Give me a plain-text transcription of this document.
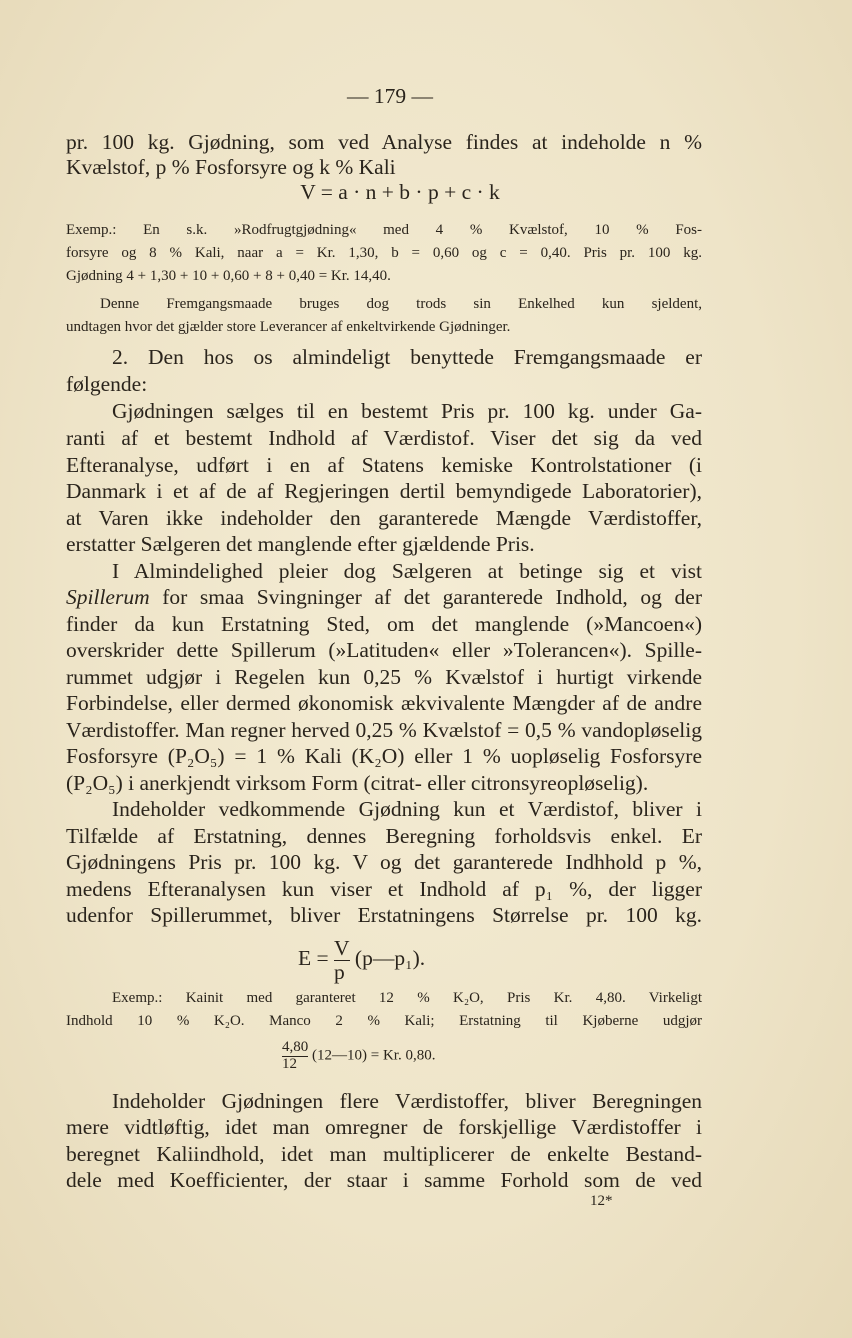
— 179 —
pr. 100 kg. Gjødning, som ved Analyse findes at indeholde n %
Kvælstof, p % Fosforsyre og k % Kali
V = a · n + b · p + c · k
Exemp.: En s.k. »Rodfrugtgjødning« med 4 % Kvælstof, 10 % Fos-
forsyre og 8 % Kali, naar a = Kr. 1,30, b = 0,60 og c = 0,40. Pris pr. 100 kg.
Gjødning 4 + 1,30 + 10 + 0,60 + 8 + 0,40 = Kr. 14,40.
Denne Fremgangsmaade bruges dog trods sin Enkelhed kun sjeldent,
undtagen hvor det gjælder store Leverancer af enkeltvirkende Gjødninger.
2. Den hos os almindeligt benyttede Fremgangsmaade er
følgende:
Gjødningen sælges til en bestemt Pris pr. 100 kg. under Ga-
ranti af et bestemt Indhold af Værdistof. Viser det sig da ved
Efteranalyse, udført i en af Statens kemiske Kontrolstationer (i
Danmark i et af de af Regjeringen dertil bemyndigede Laboratorier),
at Varen ikke indeholder den garanterede Mængde Værdistoffer,
erstatter Sælgeren det manglende efter gjældende Pris.
I Almindelighed pleier dog Sælgeren at betinge sig et vist
Spillerum for smaa Svingninger af det garanterede Indhold, og der
finder da kun Erstatning Sted, om det manglende (»Mancoen«)
overskrider dette Spillerum (»Latituden« eller »Tolerancen«). Spille-
rummet udgjør i Regelen kun 0,25 % Kvælstof i hurtigt virkende
Forbindelse, eller dermed økonomisk ækvivalente Mængder af de andre
Værdistoffer. Man regner herved 0,25 % Kvælstof = 0,5 % vandopløselig
Fosforsyre (P₂O₅) = 1 % Kali (K₂O) eller 1 % uopløselig Fosforsyre
(P₂O₅) i anerkjendt virksom Form (citrat- eller citronsyreopløselig).
Indeholder vedkommende Gjødning kun et Værdistof, bliver i
Tilfælde af Erstatning, dennes Beregning forholdsvis enkel. Er
Gjødningens Pris pr. 100 kg. V og det garanterede Indhhold p %,
medens Efteranalysen kun viser et Indhold af p₁ %, der ligger
udenfor Spillerummet, bliver Erstatningens Størrelse pr. 100 kg.
$E = \frac{V}{p}$ (p—p₁).
Exemp.: Kainit med garanteret 12 % K₂O, Pris Kr. 4,80. Virkeligt
Indhold 10 % K₂O. Manco 2 % Kali; Erstatning til Kjøberne udgjør
$\frac{4,80}{12}$ (12—10) = Kr. 0,80.
Indeholder Gjødningen flere Værdistoffer, bliver Beregningen
mere vidtløftig, idet man omregner de forskjellige Værdistoffer i
beregnet Kaliindhold, idet man multiplicerer de enkelte Bestand-
dele med Koefficienter, der staar i samme Forhold som de ved
12*
